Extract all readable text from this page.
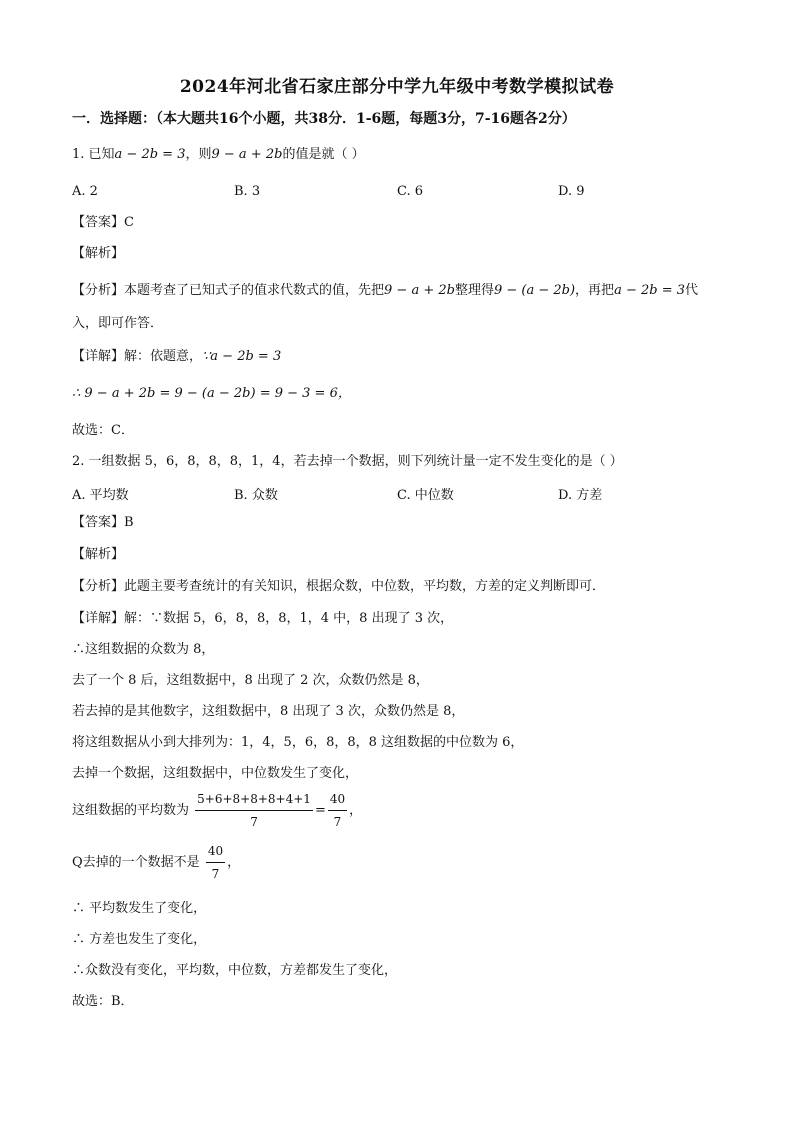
2024年河北省石家庄部分中学九年级中考数学模拟试卷
一．选择题：（本大题共16个小题，共38分．1-6题，每题3分，7-16题各2分）
1. 已知a − 2b = 3，则9 − a + 2b的值是就（ ）
A. 2	B. 3	C. 6	D. 9
【答案】C
【解析】
【分析】本题考查了已知式子的值求代数式的值，先把9 − a + 2b整理得9 − (a − 2b)，再把a − 2b = 3代
入，即可作答．
【详解】解：依题意，∵a − 2b = 3
∴ 9 − a + 2b = 9 − (a − 2b) = 9 − 3 = 6，
故选：C．
2. 一组数据 5，6，8，8，8，1，4，若去掉一个数据，则下列统计量一定不发生变化的是（ ）
A. 平均数	B. 众数	C. 中位数	D. 方差
【答案】B
【解析】
【分析】此题主要考查统计的有关知识，根据众数，中位数，平均数，方差的定义判断即可．
【详解】解：∵数据 5，6，8，8，8，1，4 中，8 出现了 3 次，
∴这组数据的众数为 8，
去了一个 8 后，这组数据中，8 出现了 2 次，众数仍然是 8，
若去掉的是其他数字，这组数据中，8 出现了 3 次，众数仍然是 8，
将这组数据从小到大排列为：1，4，5，6，8，8，8 这组数据的中位数为 6，
去掉一个数据，这组数据中，中位数发生了变化，
这组数据的平均数为 $\frac{5+6+8+8+8+4+1}{7} = \frac{40}{7}$ ，
Q去掉的一个数据不是 $\frac{40}{7}$ ，
∴ 平均数发生了变化，
∴ 方差也发生了变化，
∴众数没有变化，平均数，中位数，方差都发生了变化，
故选：B．
